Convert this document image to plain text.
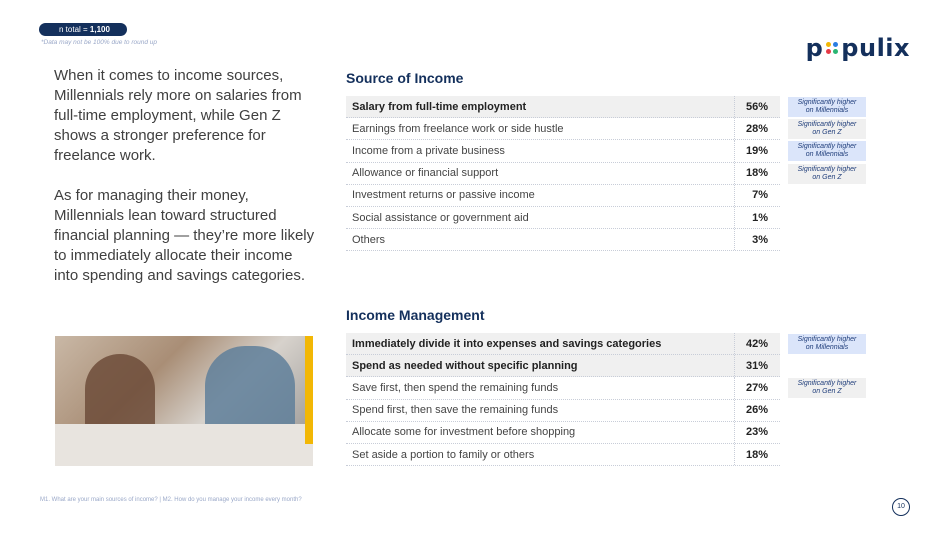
n total = 1,100
*Data may not be 100% due to round up	p pulix

When it comes to income sources, Millennials rely more on salaries from full-time employment, while Gen Z shows a stronger preference for freelance work.

As for managing their money, Millennials lean toward structured financial planning — they’re more likely to immediately allocate their income into spending and savings categories.

Source of Income
Salary from full-time employment	56%
Earnings from freelance work or side hustle	28%
Income from a private business	19%
Allowance or financial support	18%
Investment returns or passive income	7%
Social assistance or government aid	1%
Others	3%
Significantly higher
on Millennials
Significantly higher
on Gen Z
Significantly higher
on Millennials
Significantly higher
on Gen Z
Income Management
Immediately divide it into expenses and savings categories	42%
Spend as needed without specific planning	31%
Save first, then spend the remaining funds	27%
Spend first, then save the remaining funds	26%
Allocate some for investment before shopping	23%
Set aside a portion to family or others	18%
Significantly higher
on Millennials
Significantly higher
on Gen Z
M1. What are your main sources of income? | M2. How do you manage your income every month?
10
